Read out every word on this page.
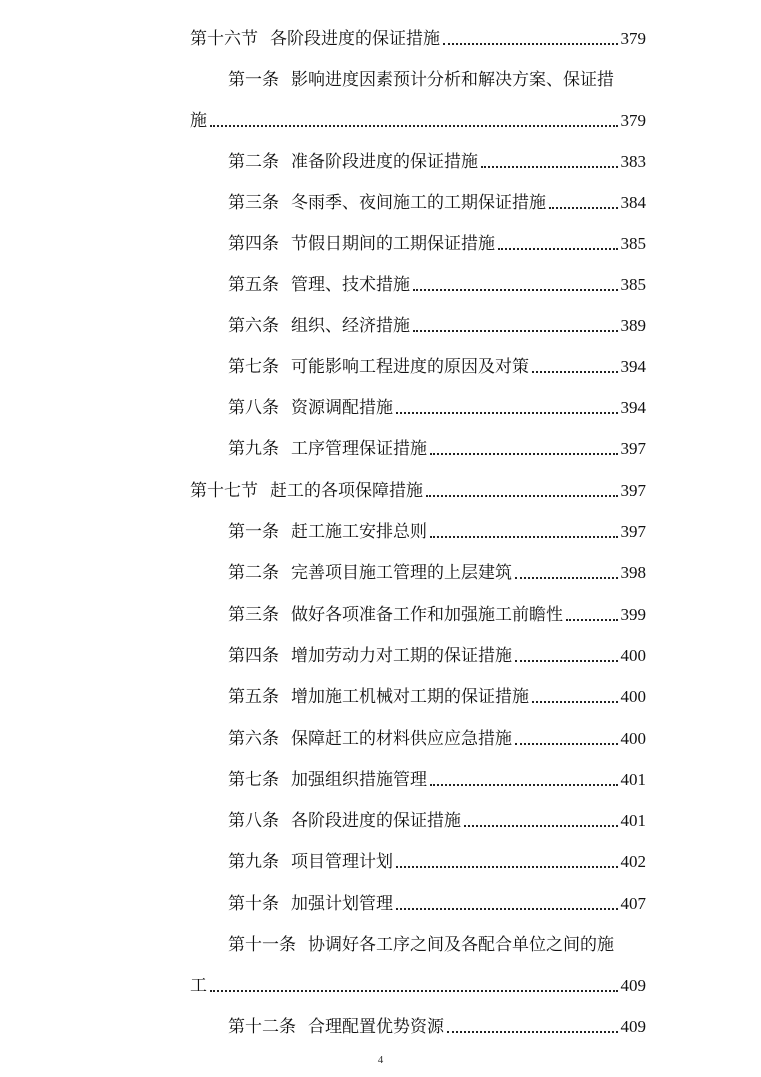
第十六节 各阶段进度的保证措施	379
第一条 影响进度因素预计分析和解决方案、保证措
施	379
第二条 准备阶段进度的保证措施	383
第三条 冬雨季、夜间施工的工期保证措施	384
第四条 节假日期间的工期保证措施	385
第五条 管理、技术措施	385
第六条 组织、经济措施	389
第七条 可能影响工程进度的原因及对策	394
第八条 资源调配措施	394
第九条 工序管理保证措施	397
第十七节 赶工的各项保障措施	397
第一条 赶工施工安排总则	397
第二条 完善项目施工管理的上层建筑	398
第三条 做好各项准备工作和加强施工前瞻性	399
第四条 增加劳动力对工期的保证措施	400
第五条 增加施工机械对工期的保证措施	400
第六条 保障赶工的材料供应应急措施	400
第七条 加强组织措施管理	401
第八条 各阶段进度的保证措施	401
第九条 项目管理计划	402
第十条 加强计划管理	407
第十一条 协调好各工序之间及各配合单位之间的施
工	409
第十二条 合理配置优势资源	409
4
